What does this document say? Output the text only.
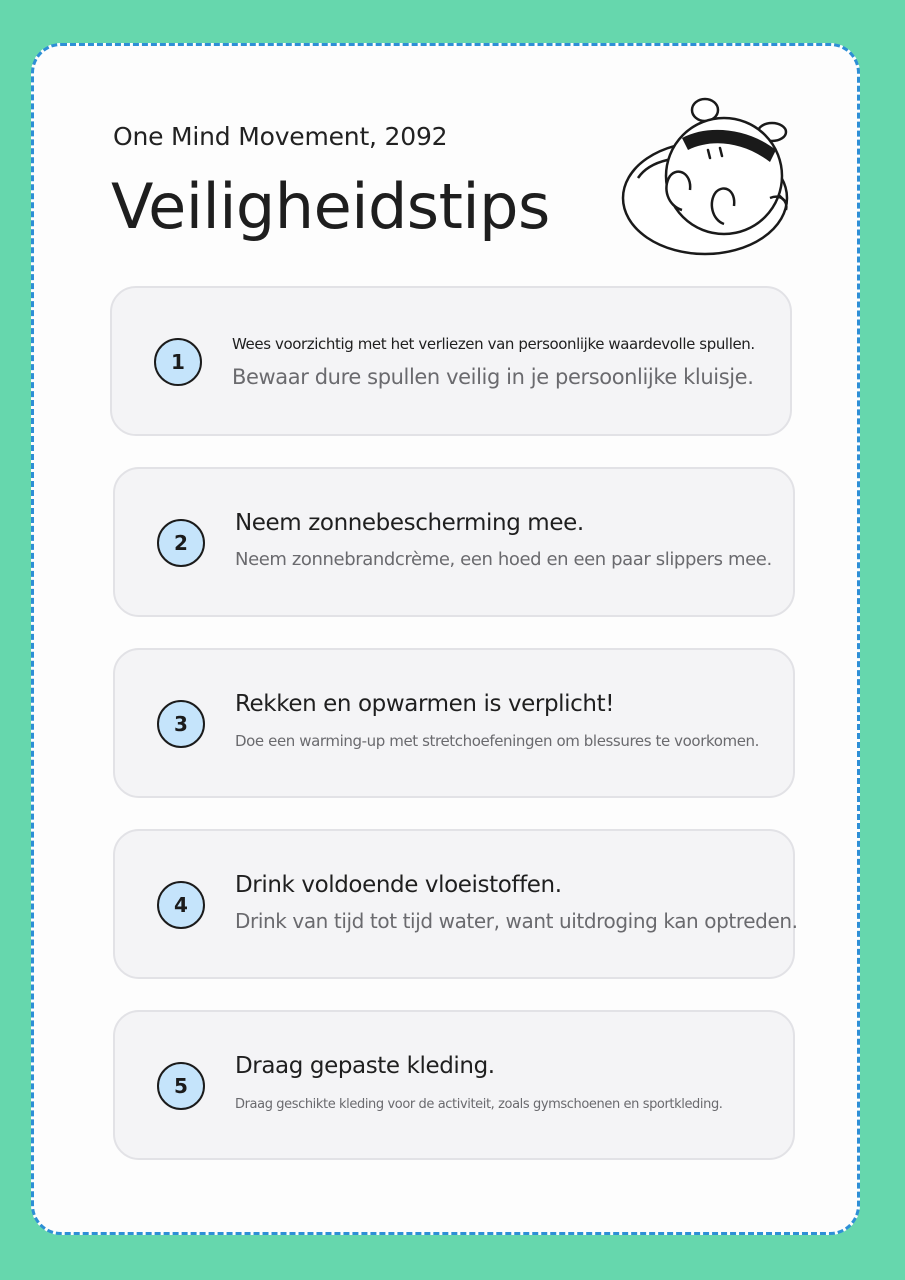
One Mind Movement, 2092
Veiligheidstips
1
Wees voorzichtig met het verliezen van persoonlijke waardevolle spullen.
Bewaar dure spullen veilig in je persoonlijke kluisje.
2
Neem zonnebescherming mee.
Neem zonnebrandcrème, een hoed en een paar slippers mee.
3
Rekken en opwarmen is verplicht!
Doe een warming-up met stretchoefeningen om blessures te voorkomen.
4
Drink voldoende vloeistoffen.
Drink van tijd tot tijd water, want uitdroging kan optreden.
5
Draag gepaste kleding.
Draag geschikte kleding voor de activiteit, zoals gymschoenen en sportkleding.
